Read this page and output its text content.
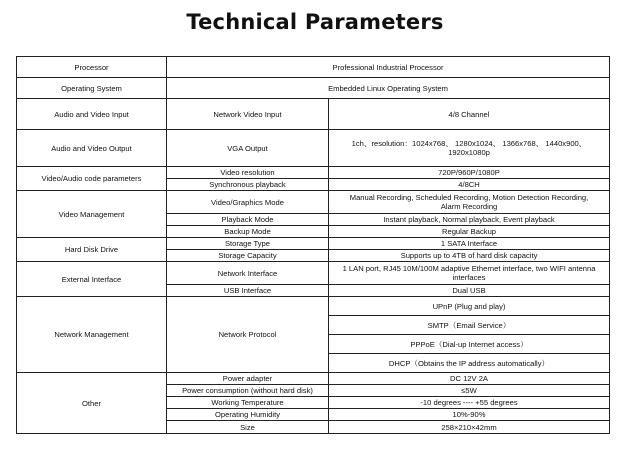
Technical Parameters
Processor	Professional Industrial Processor	
Operating System	Embedded Linux Operating System	
Audio and Video Input	Network Video Input	4/8 Channel
Audio and Video Output	VGA Output	1ch、resolution：1024x768、 1280x1024、 1366x768、 1440x900、
1920x1080p

Video/Audio code parameters	Video resolution	720P/960P/1080P
	Synchronous playback	4/8CH
Video Management	Video/Graphics Mode	Manual Recording, Scheduled Recording, Motion Detection Recording,
Alarm Recording

	Playback Mode	Instant playback, Normal playback, Event playback
	Backup Mode	Regular Backup
Hard Disk Drive	Storage Type	1 SATA Interface
	Storage Capacity	Supports up to 4TB of hard disk capacity
External Interface	Network Interface	1 LAN port, RJ45 10M/100M adaptive Ethernet interface, two WIFI antenna
interfaces

	USB Interface	Dual USB
Network Management	Network Protocol	UPnP (Plug and play)
		SMTP（Email Service）
		PPPoE（Dial-up Internet access）
		DHCP（Obtains the IP address automatically）
Other	Power adapter	DC 12V 2A
	Power consumption (without hard disk)	≤5W
	Working Temperature	-10 degrees ---- +55 degrees
	Operating Humidity	10%-90%
	Size	258×210×42mm
